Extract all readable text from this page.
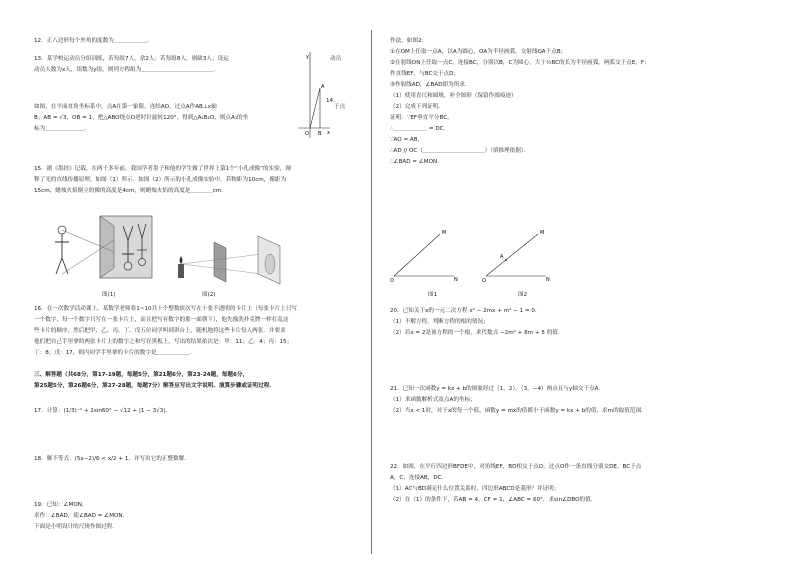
12．正八边形每个外角的度数为＿＿＿＿＿＿．

13．某学校运动员分组训练，若每组7人，余2人；若每组8人，则缺3人；设运

动员人数为x人，组数为y组，则列方程组为＿＿＿＿＿＿＿＿＿＿＿＿＿．

动员

14．

y
x
A
O B

如图，在平面直角坐标系中，点A在第一象限，连结AO，过点A作AB⊥x轴

B；AB = √3，OB = 1，把△ABO绕点O逆时针旋转120°，得到△A₁B₁O，则点A₁的坐

标为＿＿＿＿＿＿＿．

于点

15．据《墨经》记载，在两千多年前，我国学者墨子和他的学生做了世界上第1个“小孔成像”的实验，阐

释了光的直线传播原理，如图（1）所示．如图（2）所示的小孔成像实验中，若物距为10cm，像距为

15cm，蜡烛火焰倒立的像的高度是4cm，则蜡烛火焰的高度是＿＿＿＿cm．

图(1)	图(2)

16．在一次数学活动课上，某数学老师将1~10共十个整数依次写在十张不透明的卡片上（每张卡片上只写

一个数字，每一个数字只写在一张卡片上，而且把写有数字的那一面朝下），他先像洗扑克牌一样打乱这

些卡片的顺序，然后把甲、乙、丙、丁、戊五位同学叫到讲台上，随机地将这些卡片每人两张．并要求

他们把自己手里拿的两张卡片上的数字之和写在黑板上，写出的结果依次是：甲：11；乙：4；丙：15；

丁：8；戊：17，则丙同学手里拿的卡片的数字是＿＿＿＿＿＿．

三、解答题（共68分，第17-19题，每题5分，第21题6分，第23-24题，每题6分，

第25题5分，第26题6分，第27-28题，每题7分）解答应写出文字说明、演算步骤或证明过程．

17．计算：(1/3)⁻¹ + 2sin60° − √12 + |1 − 3√3|．

18．解不等式：(5x−2)/6 < x/2 + 1，并写出它的正整数解．

19．已知：∠MON，

求作：∠BAD，使∠BAD = ∠MON．

下面是小明设计的尺规作图过程．

作法，如图2：

①在OM上任取一点A，以A为圆心，OA为半径画弧，交射线OA于点B；

②在射线ON上任取一点C，连接BC，分别以B，C为圆心，大于½BC的长为半径画弧，两弧交于点E，F；

作直线EF，与BC交于点D；

③作射线AD，∠BAD即为所求．

（1）使用直尺和圆规，补全图形（保留作图痕迹）

（2）完成下列证明．

证明：∵EF垂直平分BC，

∴＿＿＿＿＿＿ = DC．

∵AO = AB，

∴AD // OC（＿＿＿＿＿＿＿＿＿＿＿）（填推理依据）．

∴∠BAD = ∠MON．

O
M
N
A
O
M
N

图1	图2

20．已知关于x的一元二次方程 x² − 2mx + m² − 1 = 0．

（1）不解方程，判断方程的根的情况；

（2）若x = 2是该方程的一个根，求代数式 −2m² + 8m + 5 的值．

21．已知一次函数y = kx + b的图象经过（1，2），（3，−4）两点且与y轴交于点A．

（1）求函数解析式及点A的坐标；

（2）当x < 1时，对于x的每一个值，函数y = mx的值都小于函数y = kx + b的值，求m的取值范围．

22．如图，在平行四边形BFDE中，对角线EF，BD相交于点O，过点O作一条直线分别交DE，BC于点

A，C，连接AB，DC．

（1）AC与BD满足什么位置关系时，四边形ABCD是菱形？并证明；

（2）在（1）的条件下，若AB = 4，CF = 1，∠ABC = 60°，求sin∠DBO的值．
